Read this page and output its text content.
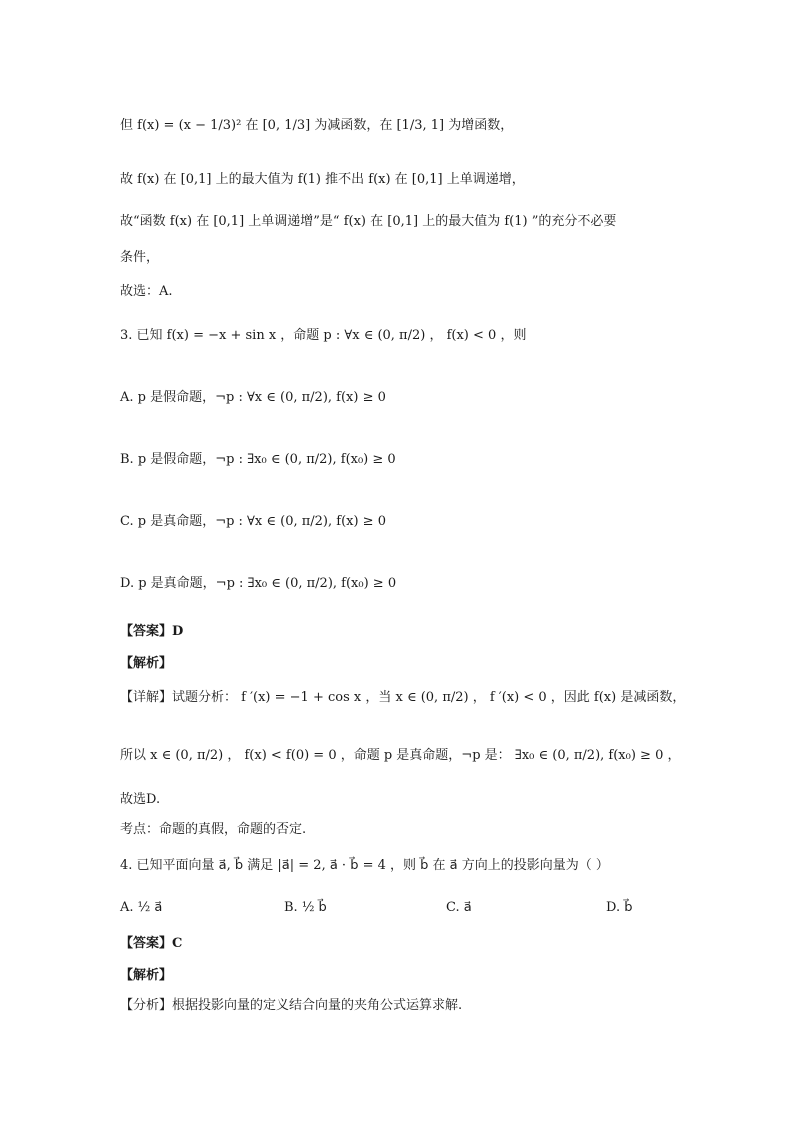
但 f(x) = (x − 1/3)² 在 [0, 1/3] 为减函数，在 [1/3, 1] 为增函数，
故 f(x) 在 [0,1] 上的最大值为 f(1) 推不出 f(x) 在 [0,1] 上单调递增，
故“函数 f(x) 在 [0,1] 上单调递增”是“ f(x) 在 [0,1] 上的最大值为 f(1) ”的充分不必要
条件，
故选：A.
3. 已知 f(x) = −x + sin x ，命题 p : ∀x ∈ (0, π/2) ， f(x) < 0 ，则
A. p 是假命题，¬p : ∀x ∈ (0, π/2), f(x) ≥ 0
B. p 是假命题，¬p : ∃x₀ ∈ (0, π/2), f(x₀) ≥ 0
C. p 是真命题，¬p : ∀x ∈ (0, π/2), f(x) ≥ 0
D. p 是真命题，¬p : ∃x₀ ∈ (0, π/2), f(x₀) ≥ 0
【答案】D
【解析】
【详解】试题分析： f ′(x) = −1 + cos x ，当 x ∈ (0, π/2) ， f ′(x) < 0 ，因此 f(x) 是减函数，
所以 x ∈ (0, π/2) ， f(x) < f(0) = 0 ，命题 p 是真命题，¬p 是： ∃x₀ ∈ (0, π/2), f(x₀) ≥ 0 ，
故选D.
考点：命题的真假，命题的否定.
4. 已知平面向量 a⃗, b⃗ 满足 |a⃗| = 2, a⃗ · b⃗ = 4 ，则 b⃗ 在 a⃗ 方向上的投影向量为（ ）
A. ½ a⃗	B. ½ b⃗	C. a⃗	D. b⃗
【答案】C
【解析】
【分析】根据投影向量的定义结合向量的夹角公式运算求解.
